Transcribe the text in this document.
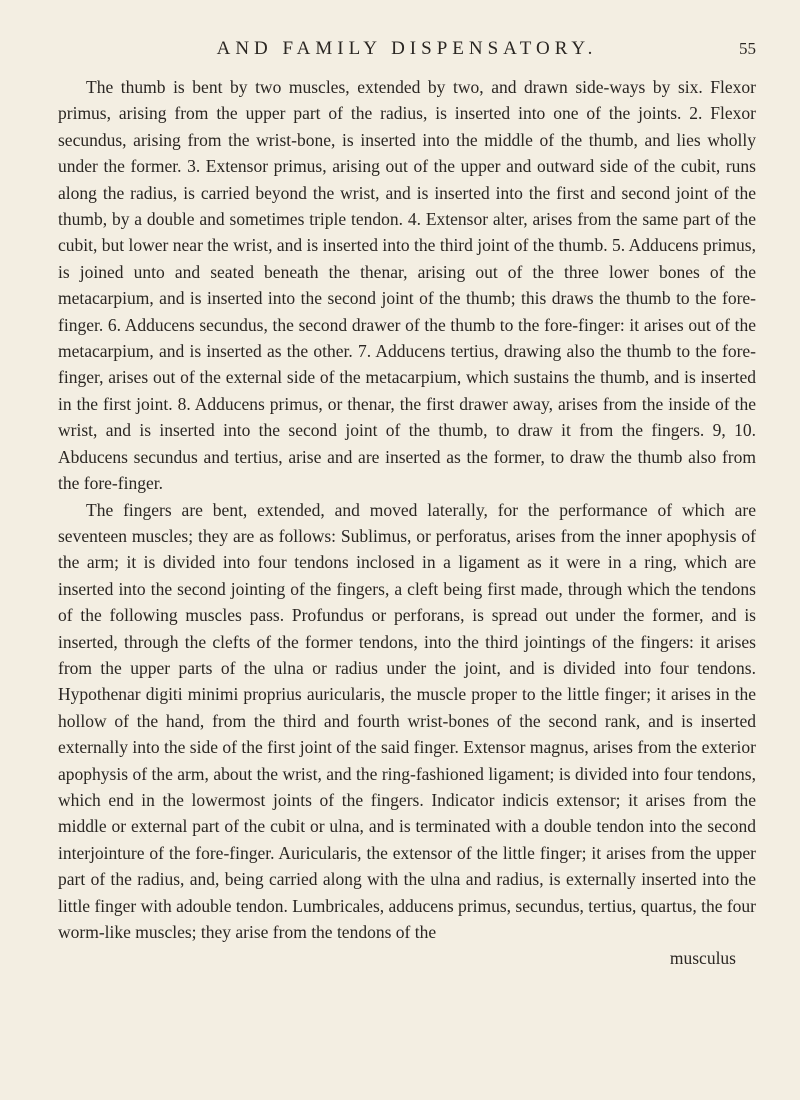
AND FAMILY DISPENSATORY.	55

The thumb is bent by two muscles, extended by two, and drawn side-ways by six. Flexor primus, arising from the upper part of the radius, is inserted into one of the joints. 2. Flexor secundus, arising from the wrist-bone, is inserted into the middle of the thumb, and lies wholly under the former. 3. Extensor primus, arising out of the upper and outward side of the cubit, runs along the radius, is carried beyond the wrist, and is inserted into the first and second joint of the thumb, by a double and sometimes triple tendon. 4. Extensor alter, arises from the same part of the cubit, but lower near the wrist, and is inserted into the third joint of the thumb. 5. Adducens primus, is joined unto and seated beneath the thenar, arising out of the three lower bones of the metacarpium, and is inserted into the second joint of the thumb; this draws the thumb to the fore-finger. 6. Adducens secundus, the second drawer of the thumb to the fore-finger: it arises out of the metacarpium, and is inserted as the other. 7. Adducens tertius, drawing also the thumb to the fore-finger, arises out of the external side of the metacarpium, which sustains the thumb, and is inserted in the first joint. 8. Adducens primus, or thenar, the first drawer away, arises from the inside of the wrist, and is inserted into the second joint of the thumb, to draw it from the fingers. 9, 10. Abducens secundus and tertius, arise and are inserted as the former, to draw the thumb also from the fore-finger.

The fingers are bent, extended, and moved laterally, for the performance of which are seventeen muscles; they are as follows: Sublimus, or perforatus, arises from the inner apophysis of the arm; it is divided into four tendons inclosed in a ligament as it were in a ring, which are inserted into the second jointing of the fingers, a cleft being first made, through which the tendons of the following muscles pass. Profundus or perforans, is spread out under the former, and is inserted, through the clefts of the former tendons, into the third jointings of the fingers: it arises from the upper parts of the ulna or radius under the joint, and is divided into four tendons. Hypothenar digiti minimi proprius auricularis, the muscle proper to the little finger; it arises in the hollow of the hand, from the third and fourth wrist-bones of the second rank, and is inserted externally into the side of the first joint of the said finger. Extensor magnus, arises from the exterior apophysis of the arm, about the wrist, and the ring-fashioned ligament; is divided into four tendons, which end in the lowermost joints of the fingers. Indicator indicis extensor; it arises from the middle or external part of the cubit or ulna, and is terminated with a double tendon into the second interjointure of the fore-finger. Auricularis, the extensor of the little finger; it arises from the upper part of the radius, and, being carried along with the ulna and radius, is externally inserted into the little finger with adouble tendon. Lumbricales, adducens primus, secundus, tertius, quartus, the four worm-like muscles; they arise from the tendons of the

musculus
